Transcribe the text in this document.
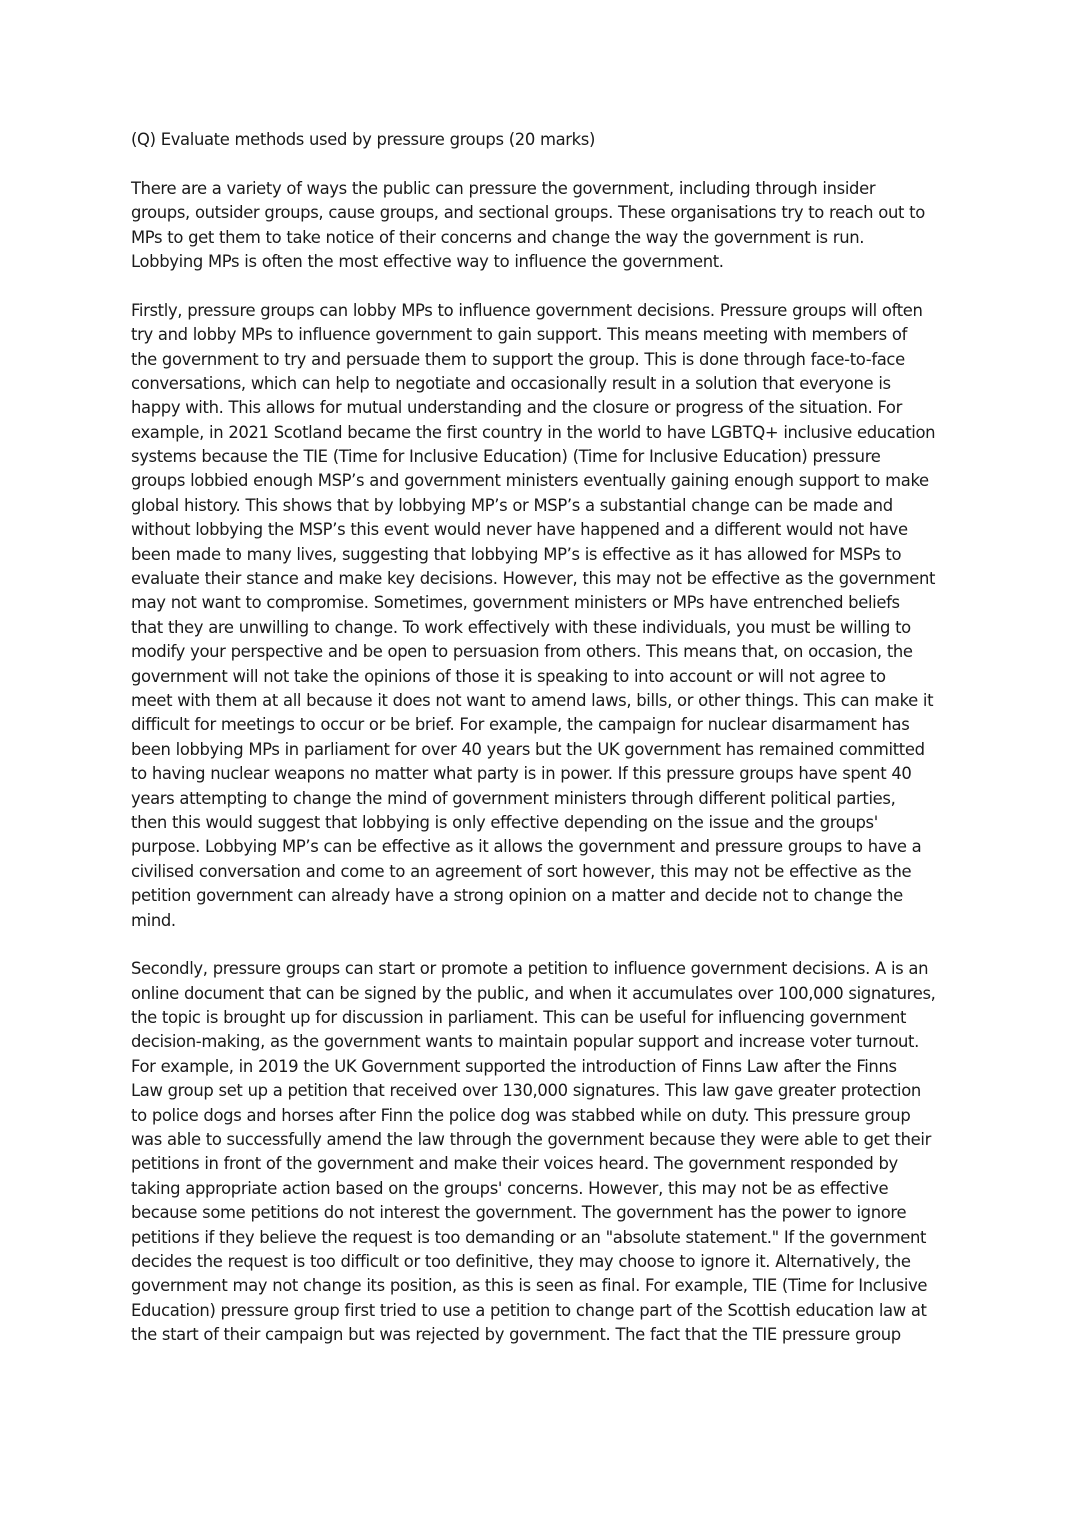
(Q) Evaluate methods used by pressure groups (20 marks)
There are a variety of ways the public can pressure the government, including through insider
groups, outsider groups, cause groups, and sectional groups. These organisations try to reach out to
MPs to get them to take notice of their concerns and change the way the government is run.
Lobbying MPs is often the most effective way to influence the government.
Firstly, pressure groups can lobby MPs to influence government decisions. Pressure groups will often
try and lobby MPs to influence government to gain support. This means meeting with members of
the government to try and persuade them to support the group. This is done through face-to-face
conversations, which can help to negotiate and occasionally result in a solution that everyone is
happy with. This allows for mutual understanding and the closure or progress of the situation. For
example, in 2021 Scotland became the first country in the world to have LGBTQ+ inclusive education
systems because the TIE (Time for Inclusive Education) (Time for Inclusive Education) pressure
groups lobbied enough MSP’s and government ministers eventually gaining enough support to make
global history. This shows that by lobbying MP’s or MSP’s a substantial change can be made and
without lobbying the MSP’s this event would never have happened and a different would not have
been made to many lives, suggesting that lobbying MP’s is effective as it has allowed for MSPs to
evaluate their stance and make key decisions. However, this may not be effective as the government
may not want to compromise. Sometimes, government ministers or MPs have entrenched beliefs
that they are unwilling to change. To work effectively with these individuals, you must be willing to
modify your perspective and be open to persuasion from others. This means that, on occasion, the
government will not take the opinions of those it is speaking to into account or will not agree to
meet with them at all because it does not want to amend laws, bills, or other things. This can make it
difficult for meetings to occur or be brief. For example, the campaign for nuclear disarmament has
been lobbying MPs in parliament for over 40 years but the UK government has remained committed
to having nuclear weapons no matter what party is in power. If this pressure groups have spent 40
years attempting to change the mind of government ministers through different political parties,
then this would suggest that lobbying is only effective depending on the issue and the groups'
purpose. Lobbying MP’s can be effective as it allows the government and pressure groups to have a
civilised conversation and come to an agreement of sort however, this may not be effective as the
petition government can already have a strong opinion on a matter and decide not to change the
mind.
Secondly, pressure groups can start or promote a petition to influence government decisions. A is an
online document that can be signed by the public, and when it accumulates over 100,000 signatures,
the topic is brought up for discussion in parliament. This can be useful for influencing government
decision-making, as the government wants to maintain popular support and increase voter turnout.
For example, in 2019 the UK Government supported the introduction of Finns Law after the Finns
Law group set up a petition that received over 130,000 signatures. This law gave greater protection
to police dogs and horses after Finn the police dog was stabbed while on duty. This pressure group
was able to successfully amend the law through the government because they were able to get their
petitions in front of the government and make their voices heard. The government responded by
taking appropriate action based on the groups' concerns. However, this may not be as effective
because some petitions do not interest the government. The government has the power to ignore
petitions if they believe the request is too demanding or an "absolute statement." If the government
decides the request is too difficult or too definitive, they may choose to ignore it. Alternatively, the
government may not change its position, as this is seen as final. For example, TIE (Time for Inclusive
Education) pressure group first tried to use a petition to change part of the Scottish education law at
the start of their campaign but was rejected by government. The fact that the TIE pressure group
